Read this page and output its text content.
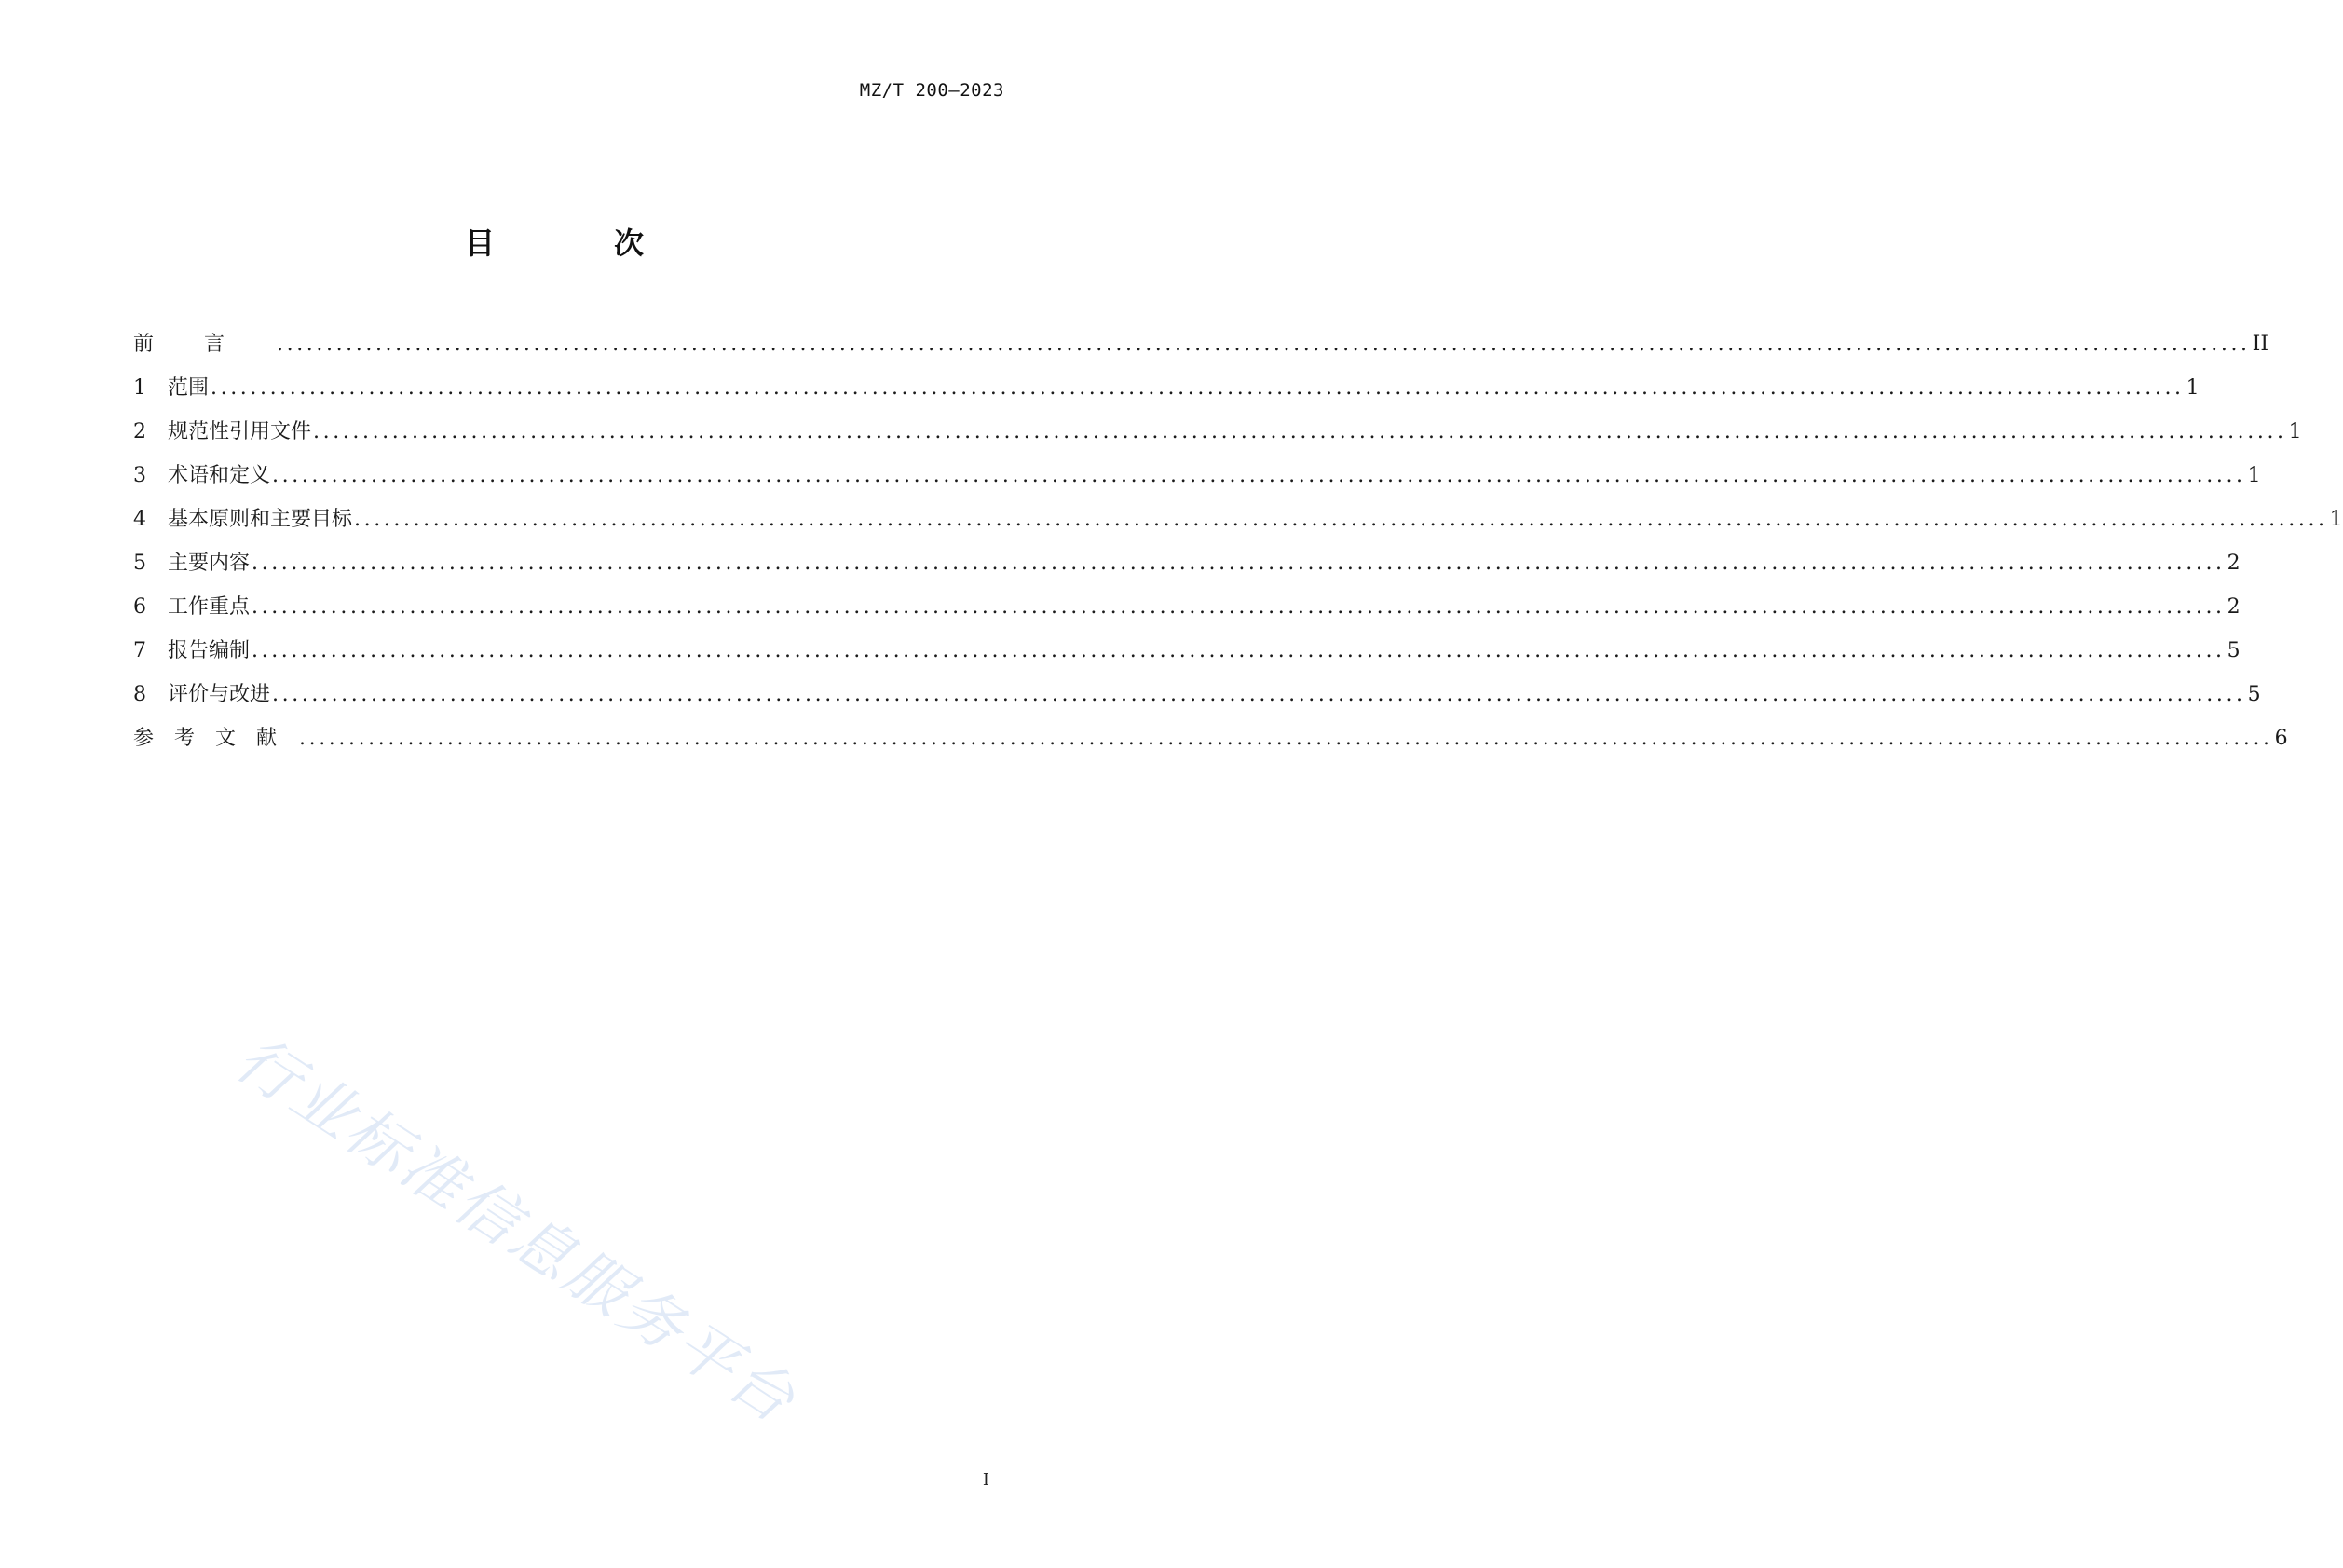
MZ/T 200—2023
目　次
前言 ........................................................................................................................................................................................................ II
1	范围 ........................................................................................................................................................................................................ 1
2	规范性引用文件 ........................................................................................................................................................................................................ 1
3	术语和定义 ........................................................................................................................................................................................................ 1
4	基本原则和主要目标 ........................................................................................................................................................................................................ 1
5	主要内容 ........................................................................................................................................................................................................ 2
6	工作重点 ........................................................................................................................................................................................................ 2
7	报告编制 ........................................................................................................................................................................................................ 5
8	评价与改进 ........................................................................................................................................................................................................ 5
参考文献 ........................................................................................................................................................................................................ 6
行业标准信息服务平台
I
